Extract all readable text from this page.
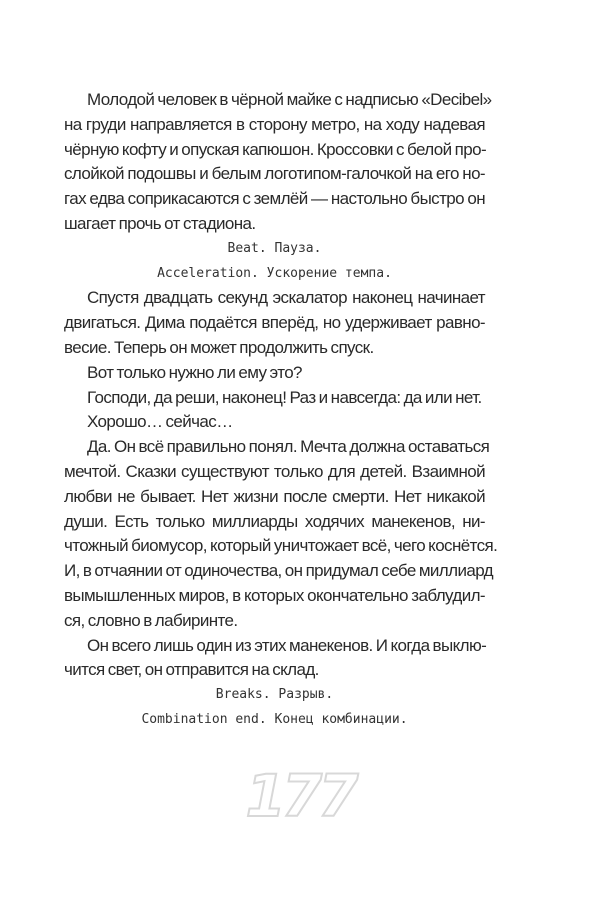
Молодой человек в чёрной майке с надписью «Decibel»
на груди направляется в сторону метро, на ходу надевая
чёрную кофту и опуская капюшон. Кроссовки с белой про-
слойкой подошвы и белым логотипом-галочкой на его но-
гах едва соприкасаются с землёй — настольно быстро он
шагает прочь от стадиона.
Beat. Пауза.
Acceleration. Ускорение темпа.
Спустя двадцать секунд эскалатор наконец начинает
двигаться. Дима подаётся вперёд, но удерживает равно-
весие. Теперь он может продолжить спуск.
Вот только нужно ли ему это?
Господи, да реши, наконец! Раз и навсегда: да или нет.
Хорошо… сейчас…
Да. Он всё правильно понял. Мечта должна оставаться
мечтой. Сказки существуют только для детей. Взаимной
любви не бывает. Нет жизни после смерти. Нет никакой
души. Есть только миллиарды ходячих манекенов, ни-
чтожный биомусор, который уничтожает всё, чего коснётся.
И, в отчаянии от одиночества, он придумал себе миллиард
вымышленных миров, в которых окончательно заблудил-
ся, словно в лабиринте.
Он всего лишь один из этих манекенов. И когда выклю-
чится свет, он отправится на склад.
Breaks. Разрыв.
Combination end. Конец комбинации.
177
